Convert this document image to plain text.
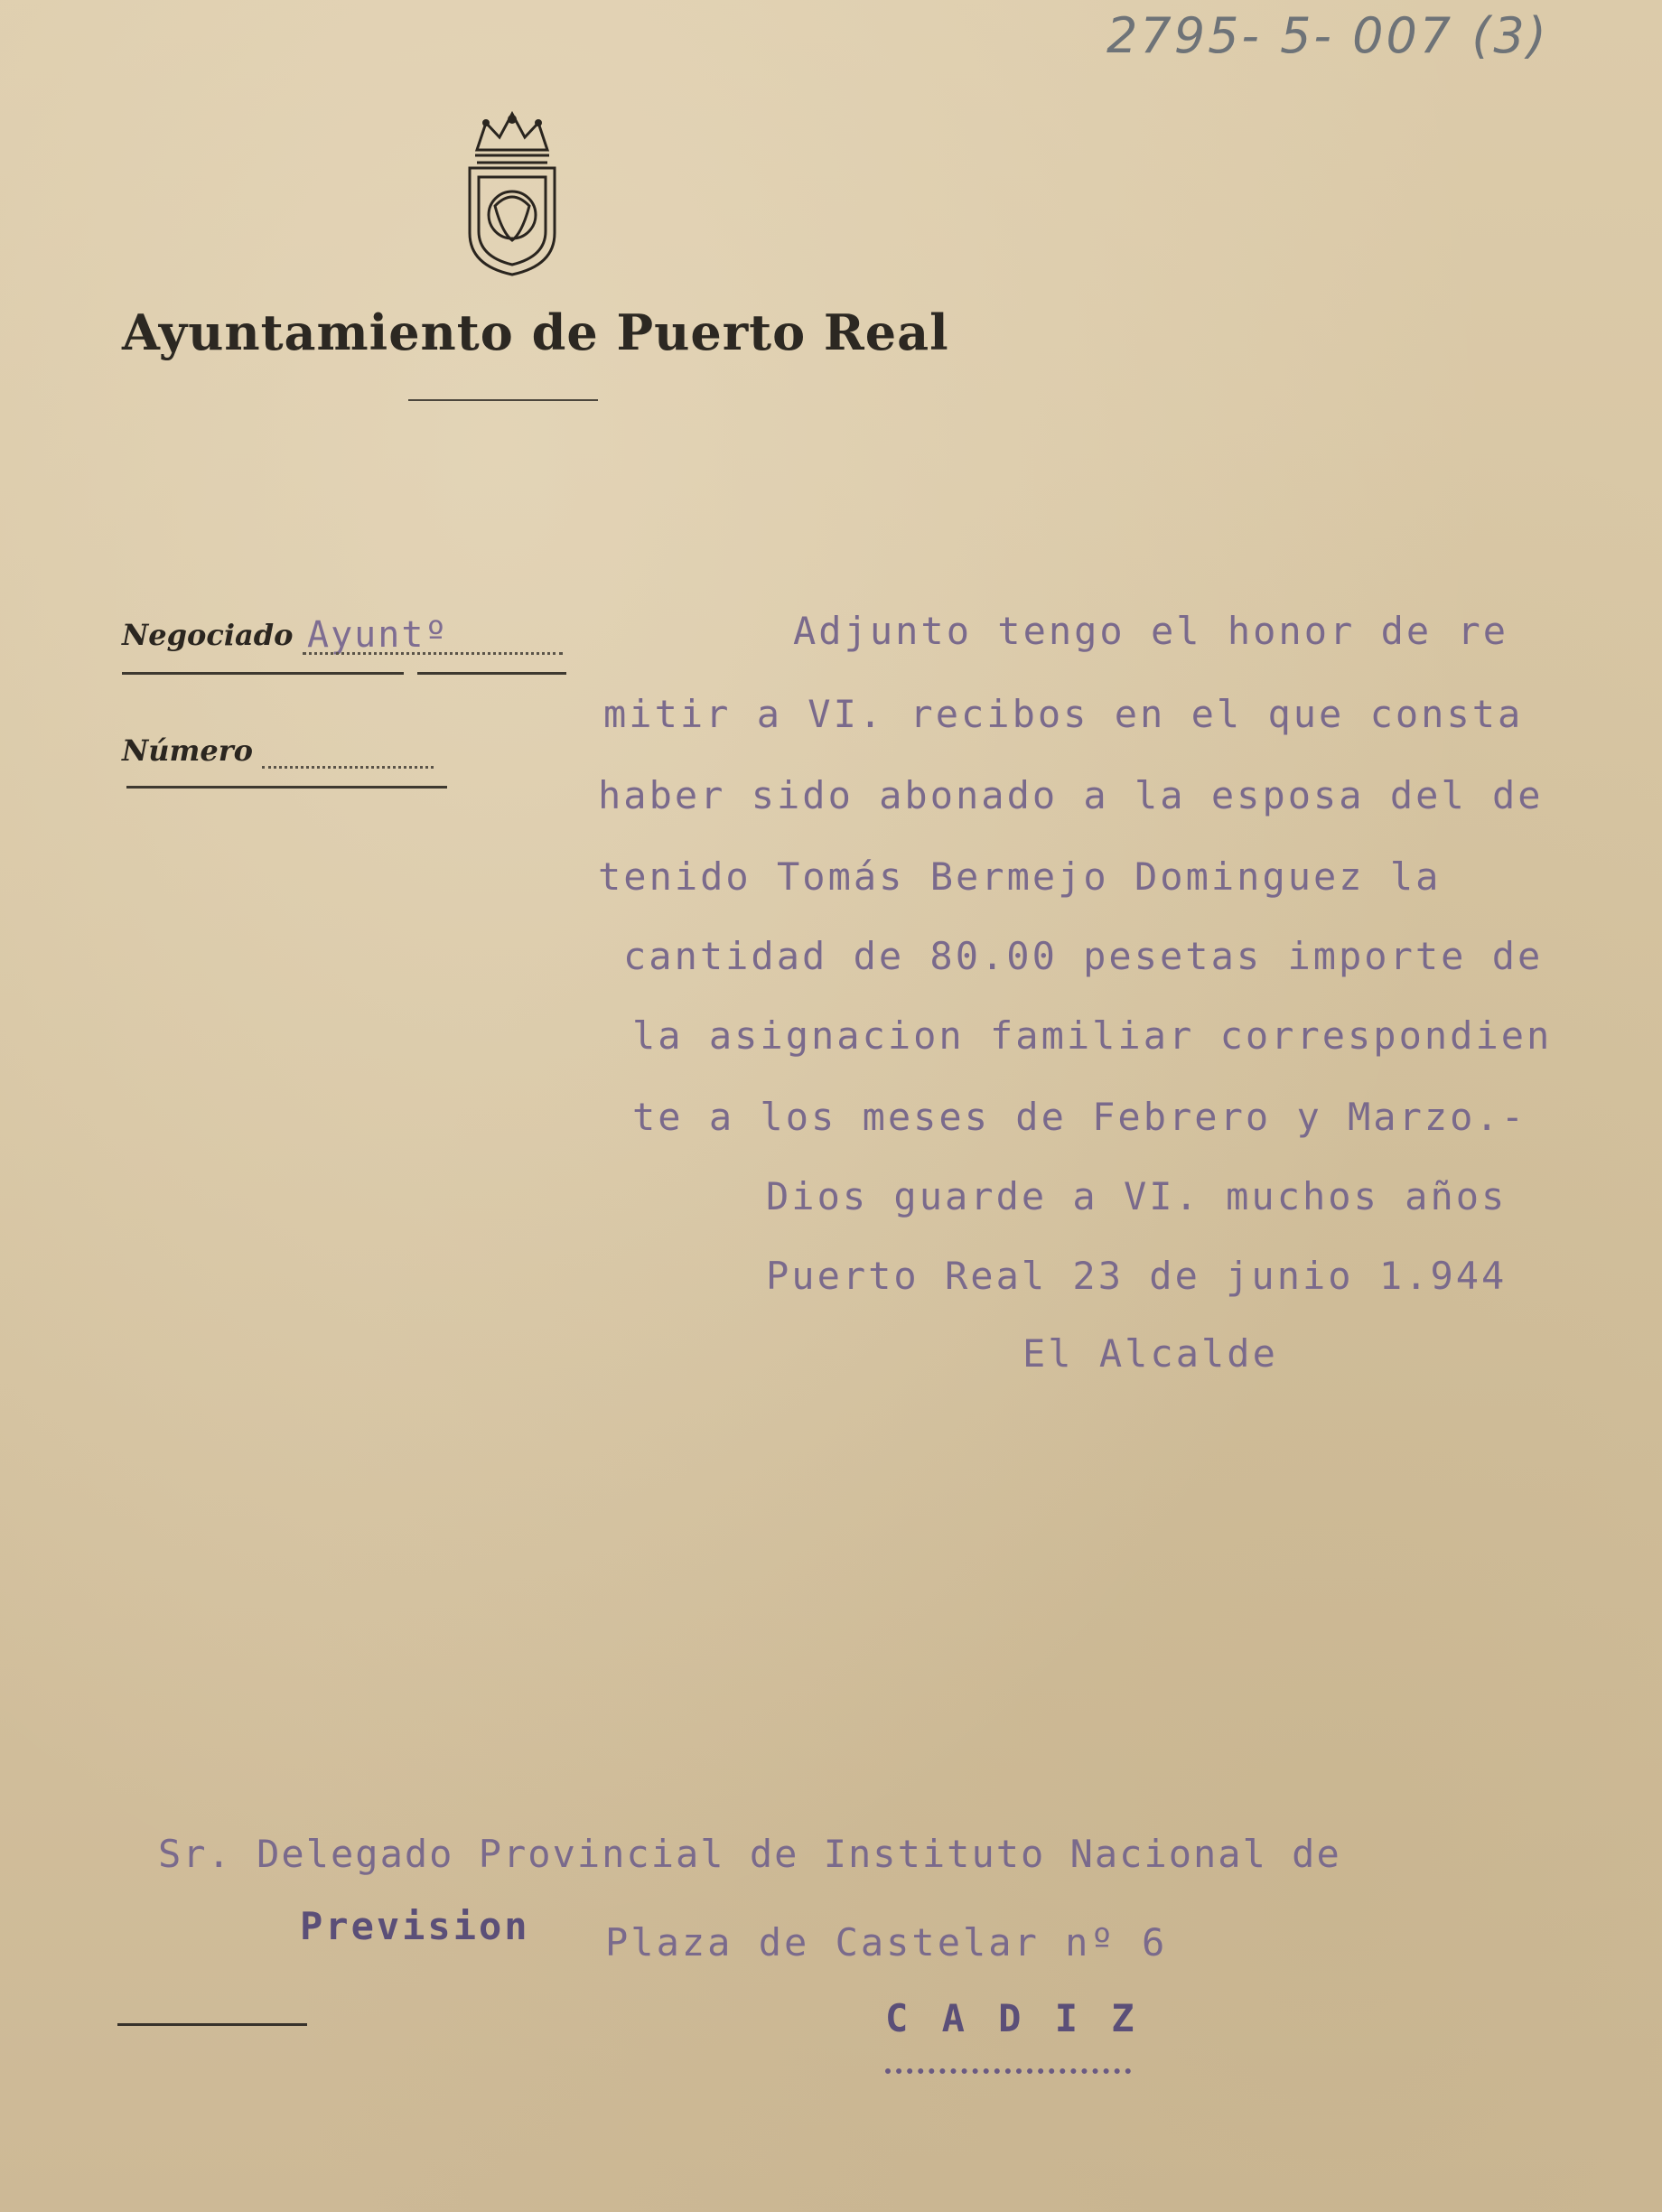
2795- 5- 007 (3)
Ayuntamiento de Puerto Real
Negociado Ayuntº
Número
Adjunto tengo el honor de re
mitir a VI. recibos en el que consta
haber sido abonado a la esposa del de
tenido Tomás Bermejo Dominguez la
cantidad de 80.00 pesetas importe de
la asignacion familiar correspondien
te a los meses de Febrero y Marzo.-
Dios guarde a VI. muchos años
Puerto Real 23 de junio 1.944
El Alcalde
Sr. Delegado Provincial de Instituto Nacional de
Prevision Plaza de Castelar nº 6
C A D I Z
